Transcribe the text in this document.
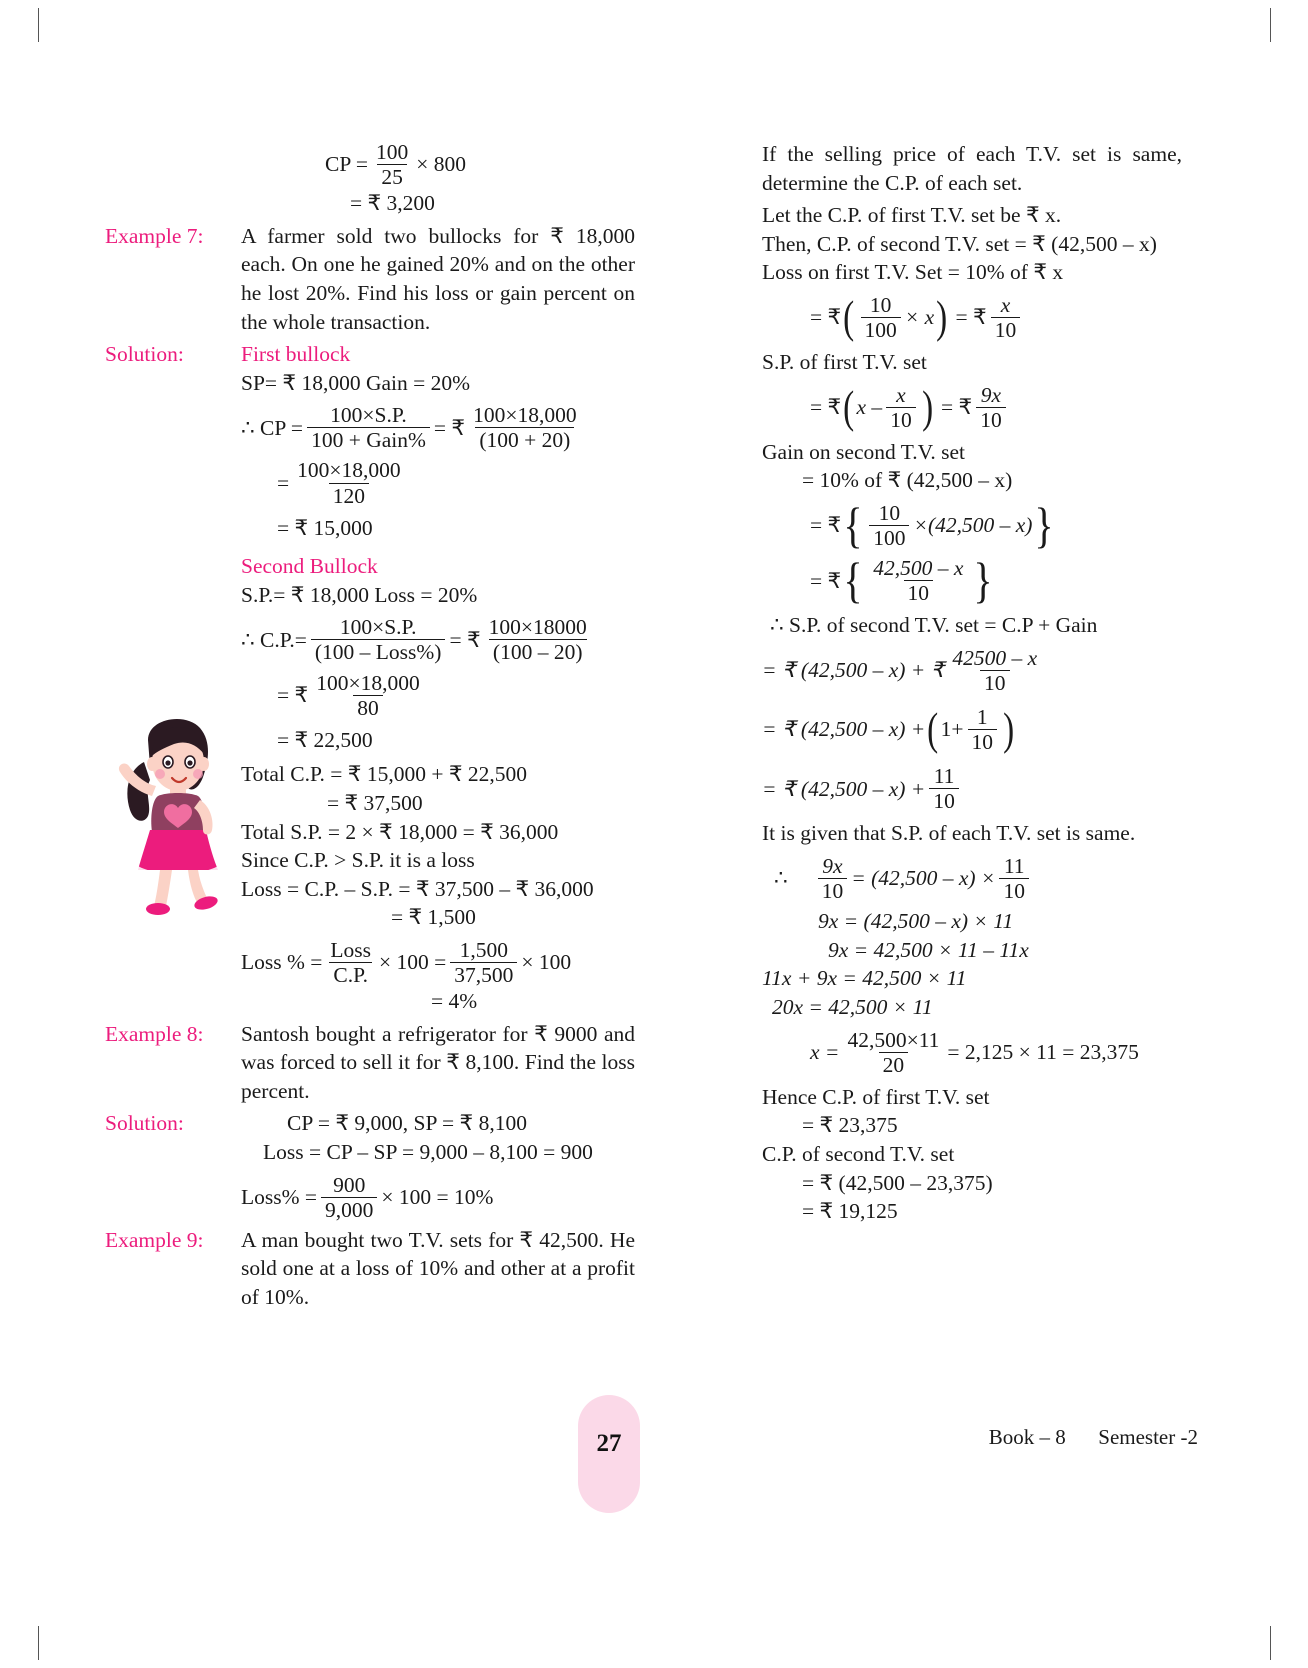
CP = $\frac{100}{25} \times 800$
= ₹ 3,200
Example 7:	A farmer sold two bullocks for ₹ 18,000 each. On one he gained 20% and on the other he lost 20%. Find his loss or gain percent on the whole transaction.
Solution:	First bullock
SP= ₹ 18,000 Gain = 20%
∴ CP = $\frac{100\times S.P.}{\text{100 + Gain\%}}$ = ₹ $\frac{100\times 18,000}{(100 + 20)}$
= $\frac{100\times 18,000}{120}$
= ₹ 15,000
Second Bullock
S.P.= ₹ 18,000 Loss = 20%
∴ $C.P.= \frac{100\times S.P.}{\text{(100 – Loss\%)}}$ = ₹ $\frac{100\times 18000}{(100 - 20)}$
= ₹ $\frac{100\times 18,000}{80}$
= ₹ 22,500
Total C.P. = ₹ 15,000 + ₹ 22,500
= ₹ 37,500
Total S.P. = 2 × ₹ 18,000 = ₹ 36,000
Since C.P. > S.P. it is a loss
Loss = C.P. – S.P. = ₹ 37,500 – ₹ 36,000
= ₹ 1,500
Loss % = $\frac{\text{Loss}}{C.P.} \times 100 = \frac{1,500}{37,500} \times 100$
= 4%
Example 8:	Santosh bought a refrigerator for ₹ 9000 and was forced to sell it for ₹ 8,100. Find the loss percent.
Solution:	CP = ₹ 9,000, SP = ₹ 8,100
Loss = CP – SP = 9,000 – 8,100 = 900
Loss% = $\frac{900}{9,000} \times 100 = 10\%$
Example 9:	A man bought two T.V. sets for ₹ 42,500. He sold one at a loss of 10% and other at a profit of 10%.
If the selling price of each T.V. set is same, determine the C.P. of each set.
Let the C.P. of first T.V. set be ₹ x.
Then, C.P. of second T.V. set = ₹ (42,500 – x)
Loss on first T.V. Set = 10% of ₹ x
= ₹ ( $\frac{10}{100} \times x$ ) = ₹ $\frac{x}{10}$
S.P. of first T.V. set
= ₹ ( x – $\frac{x}{10}$ ) = ₹ $\frac{9x}{10}$
Gain on second T.V. set
= 10% of ₹ (42,500 – x)
= ₹ { $\frac{10}{100} \times(42,500 - x)$ }
= ₹ { $\frac{42,500 - x}{10}$ }
∴ S.P. of second T.V. set = C.P + Gain
= ₹ (42,500 – x) + ₹ $\frac{42500 - x}{10}$
= ₹ (42,500 – x) + ( $1+ \frac{1}{10}$ )
= ₹ $(42,500 - x) + \frac{11}{10}$
It is given that S.P. of each T.V. set is same.
∴ $\frac{9x}{10} = (42,500 - x) \times \frac{11}{10}$
9x = (42,500 – x) × 11
9x = 42,500 × 11 – 11x
11x + 9x = 42,500 × 11
20x = 42,500 × 11
$x = \frac{42,500\times 11}{20} = 2,125 \times 11 = 23,375$
Hence C.P. of first T.V. set
= ₹ 23,375
C.P. of second T.V. set
= ₹ (42,500 – 23,375)
= ₹ 19,125
27	Book – 8 Semester -2
